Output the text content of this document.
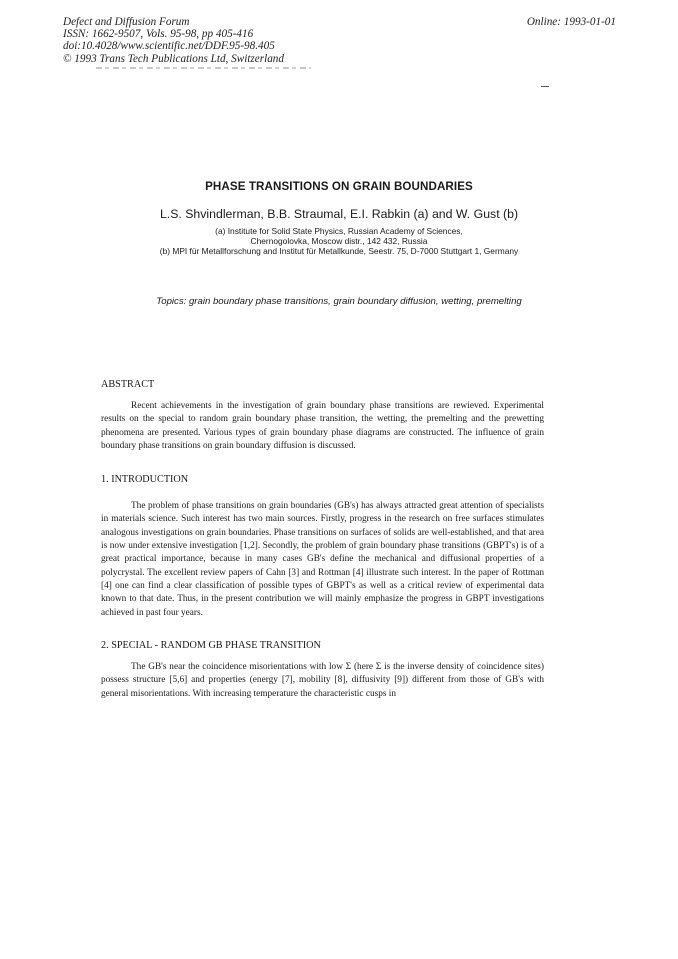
Defect and Diffusion Forum
ISSN: 1662-9507, Vols. 95-98, pp 405-416
doi:10.4028/www.scientific.net/DDF.95-98.405
© 1993 Trans Tech Publications Ltd, Switzerland
Online: 1993-01-01
PHASE TRANSITIONS ON GRAIN BOUNDARIES
L.S. Shvindlerman, B.B. Straumal, E.I. Rabkin (a) and W. Gust (b)
(a) Institute for Solid State Physics, Russian Academy of Sciences,
Chernogolovka, Moscow distr., 142 432, Russia
(b) MPI für Metallforschung and Institut für Metallkunde, Seestr. 75, D-7000 Stuttgart 1, Germany
Topics: grain boundary phase transitions, grain boundary diffusion, wetting, premelting
ABSTRACT

Recent achievements in the investigation of grain boundary phase transitions are rewieved. Experimental results on the special to random grain boundary phase transition, the wetting, the premelting and the prewetting phenomena are presented. Various types of grain boundary phase diagrams are constructed. The influence of grain boundary phase transitions on grain boundary diffusion is discussed.

1. INTRODUCTION

The problem of phase transitions on grain boundaries (GB's) has always attracted great attention of specialists in materials science. Such interest has two main sources. Firstly, progress in the research on free surfaces stimulates analogous investigations on grain boundaries. Phase transitions on surfaces of solids are well-established, and that area is now under extensive investigation [1,2]. Secondly, the problem of grain boundary phase transitions (GBPT's) is of a great practical importance, because in many cases GB's define the mechanical and diffusional properties of a polycrystal. The excellent review papers of Cahn [3] and Rottman [4] illustrate such interest. In the paper of Rottman [4] one can find a clear classification of possible types of GBPT's as well as a critical review of experimental data known to that date. Thus, in the present contribution we will mainly emphasize the progress in GBPT investigations achieved in past four years.

2. SPECIAL - RANDOM GB PHASE TRANSITION

The GB's near the coincidence misorientations with low Σ (here Σ is the inverse density of coincidence sites) possess structure [5,6] and properties (energy [7], mobility [8], diffusivity [9]) different from those of GB's with general misorientations. With increasing temperature the characteristic cusps in
